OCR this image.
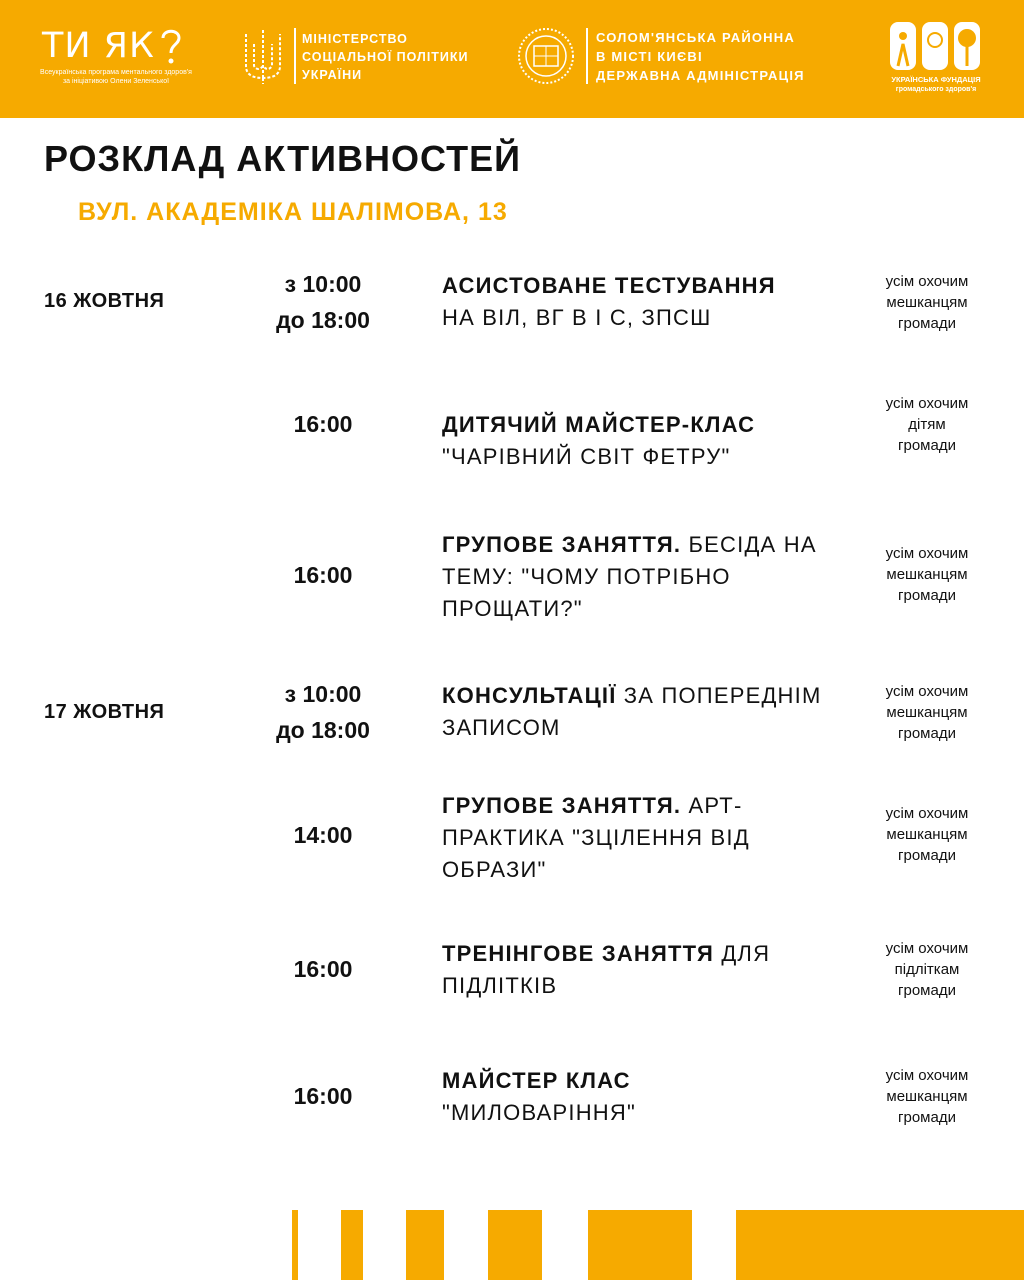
ТИ ЯК
Всеукраїнська програма ментального здоров'я
за ініціативою Олени Зеленської
МІНІСТЕРСТВО
СОЦІАЛЬНОЇ ПОЛІТИКИ
УКРАЇНИ
СОЛОМ'ЯНСЬКА РАЙОННА
В МІСТІ КИЄВІ
ДЕРЖАВНА АДМІНІСТРАЦІЯ	УКРАЇНСЬКА ФУНДАЦІЯ
громадського здоров'я
РОЗКЛАД АКТИВНОСТЕЙ
ВУЛ. АКАДЕМІКА ШАЛІМОВА, 13
16 ЖОВТНЯ
17 ЖОВТНЯ
з 10:00
до 18:00
АСИСТОВАНЕ ТЕСТУВАННЯ
НА ВІЛ, ВГ В І С, ЗПСШ
усім охочим
мешканцям
громади
16:00	ДИТЯЧИЙ МАЙСТЕР-КЛАС
"ЧАРІВНИЙ СВІТ ФЕТРУ"
усім охочим
дітям
громади
16:00
ГРУПОВЕ ЗАНЯТТЯ. БЕСІДА НА ТЕМУ: "ЧОМУ ПОТРІБНО ПРОЩАТИ?"
усім охочим
мешканцям
громади
з 10:00
до 18:00
КОНСУЛЬТАЦІЇ ЗА ПОПЕРЕДНІМ ЗАПИСОМ
усім охочим
мешканцям
громади
14:00
ГРУПОВЕ ЗАНЯТТЯ. АРТ-ПРАКТИКА "ЗЦІЛЕННЯ ВІД ОБРАЗИ"
усім охочим
мешканцям
громади
16:00
ТРЕНІНГОВЕ ЗАНЯТТЯ ДЛЯ ПІДЛІТКІВ
усім охочим
підліткам
громади
16:00
МАЙСТЕР КЛАС
"МИЛОВАРІННЯ"
усім охочим
мешканцям
громади
